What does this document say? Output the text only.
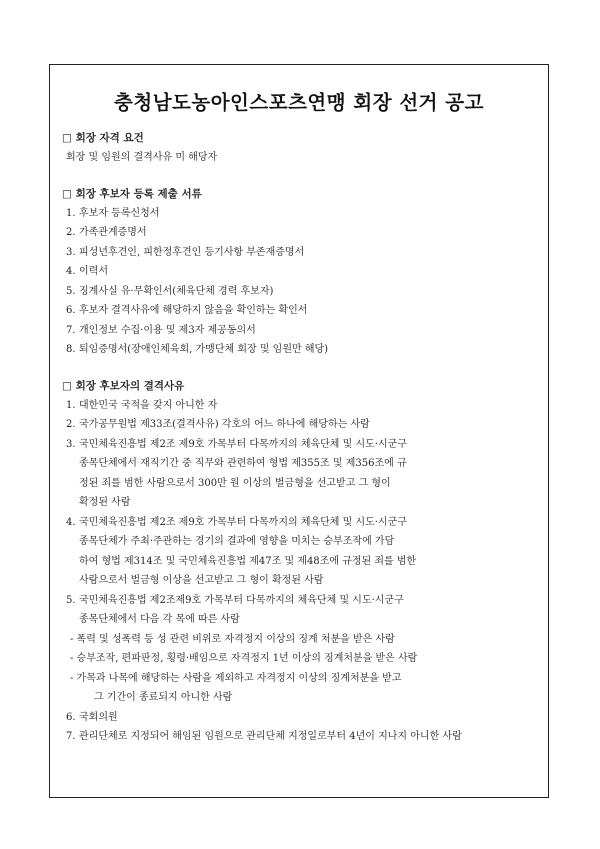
충청남도농아인스포츠연맹 회장 선거 공고
□ 회장 자격 요건
회장 및 임원의 결격사유 미 해당자
□ 회장 후보자 등록 제출 서류
1. 후보자 등록신청서
2. 가족관계증명서
3. 피성년후견인, 피한정후견인 등기사항 부존재증명서
4. 이력서
5. 징계사실 유·무확인서(체육단체 경력 후보자)
6. 후보자 결격사유에 해당하지 않음을 확인하는 확인서
7. 개인정보 수집·이용 및 제3자 제공동의서
8. 퇴임증명서(장애인체육회, 가맹단체 회장 및 임원만 해당)
□ 회장 후보자의 결격사유
1. 대한민국 국적을 갖지 아니한 자
2. 국가공무원법 제33조(결격사유) 각호의 어느 하나에 해당하는 사람
3. 국민체육진흥법 제2조 제9호 가목부터 다목까지의 체육단체 및 시도·시군구
종목단체에서 재직기간 중 직무와 관련하여 형법 제355조 및 제356조에 규
정된 죄를 범한 사람으로서 300만 원 이상의 벌금형을 선고받고 그 형이
확정된 사람
4. 국민체육진흥법 제2조 제9호 가목부터 다목까지의 체육단체 및 시도·시군구
종목단체가 주최·주관하는 경기의 결과에 영향을 미치는 승부조작에 가담
하여 형법 제314조 및 국민체육진흥법 제47조 및 제48조에 규정된 죄를 범한
사람으로서 벌금형 이상을 선고받고 그 형이 확정된 사람
5. 국민체육진흥법 제2조제9호 가목부터 다목까지의 체육단체 및 시도·시군구
종목단체에서 다음 각 목에 따른 사람
- 폭력 및 성폭력 등 성 관련 비위로 자격정지 이상의 징계 처분을 받은 사람
- 승부조작, 편파판정, 횡령·배임으로 자격정지 1년 이상의 징계처분을 받은 사람
- 가목과 나목에 해당하는 사람을 제외하고 자격정지 이상의 징계처분을 받고
그 기간이 종료되지 아니한 사람
6. 국회의원
7. 관리단체로 지정되어 해임된 임원으로 관리단체 지정일로부터 4년이 지나지 아니한 사람
